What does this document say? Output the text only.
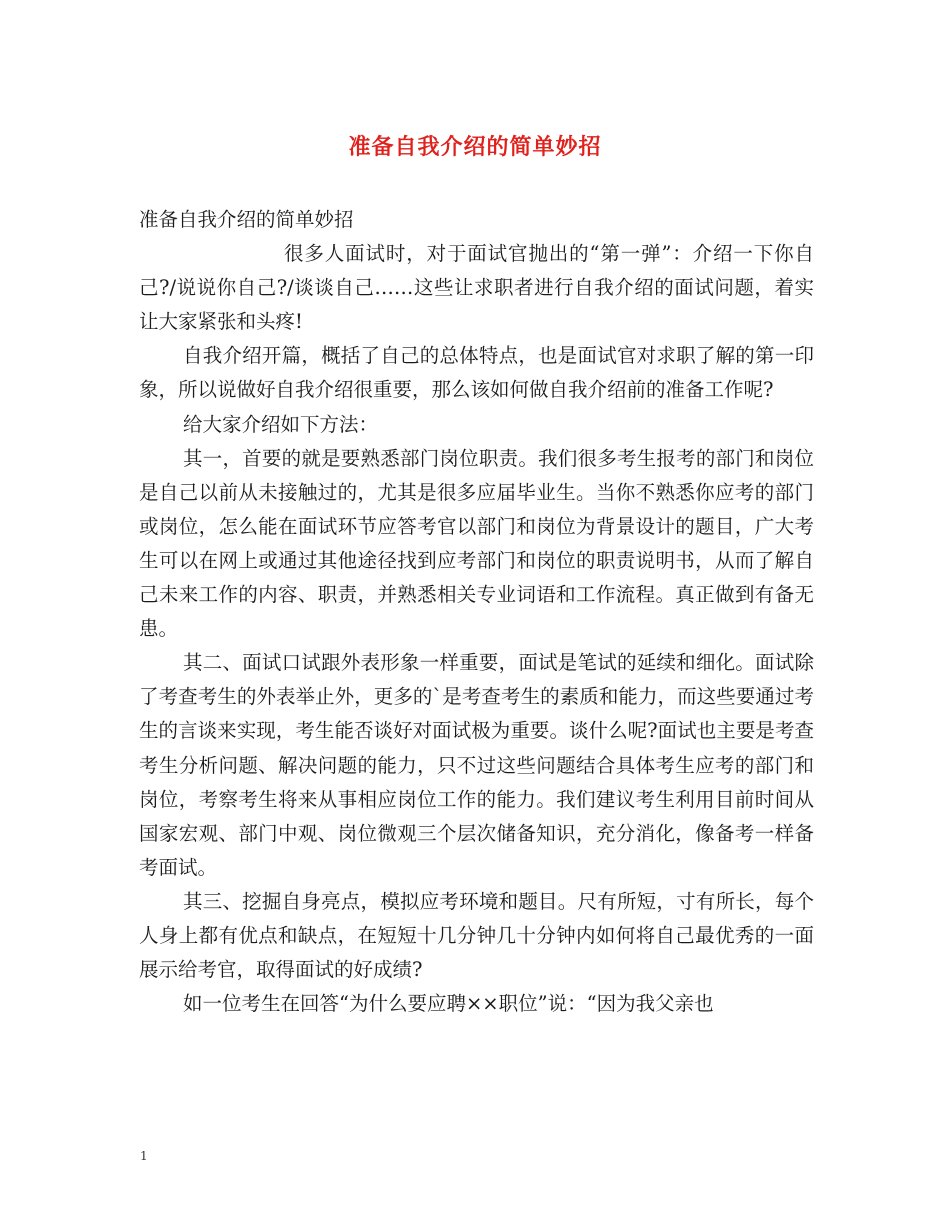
准备自我介绍的简单妙招

准备自我介绍的简单妙招

很多人面试时，对于面试官抛出的“第一弹”：介绍一下你自己?/说说你自己?/谈谈自己……这些让求职者进行自我介绍的面试问题，着实让大家紧张和头疼!

自我介绍开篇，概括了自己的总体特点，也是面试官对求职了解的第一印象，所以说做好自我介绍很重要，那么该如何做自我介绍前的准备工作呢?

给大家介绍如下方法：

其一，首要的就是要熟悉部门岗位职责。我们很多考生报考的部门和岗位是自己以前从未接触过的，尤其是很多应届毕业生。当你不熟悉你应考的部门或岗位，怎么能在面试环节应答考官以部门和岗位为背景设计的题目，广大考生可以在网上或通过其他途径找到应考部门和岗位的职责说明书，从而了解自己未来工作的内容、职责，并熟悉相关专业词语和工作流程。真正做到有备无患。

其二、面试口试跟外表形象一样重要，面试是笔试的延续和细化。面试除了考查考生的外表举止外，更多的`是考查考生的素质和能力，而这些要通过考生的言谈来实现，考生能否谈好对面试极为重要。谈什么呢?面试也主要是考查考生分析问题、解决问题的能力，只不过这些问题结合具体考生应考的部门和岗位，考察考生将来从事相应岗位工作的能力。我们建议考生利用目前时间从国家宏观、部门中观、岗位微观三个层次储备知识，充分消化，像备考一样备考面试。

其三、挖掘自身亮点，模拟应考环境和题目。尺有所短，寸有所长，每个人身上都有优点和缺点，在短短十几分钟几十分钟内如何将自己最优秀的一面展示给考官，取得面试的好成绩?

如一位考生在回答“为什么要应聘××职位”说：“因为我父亲也

1
